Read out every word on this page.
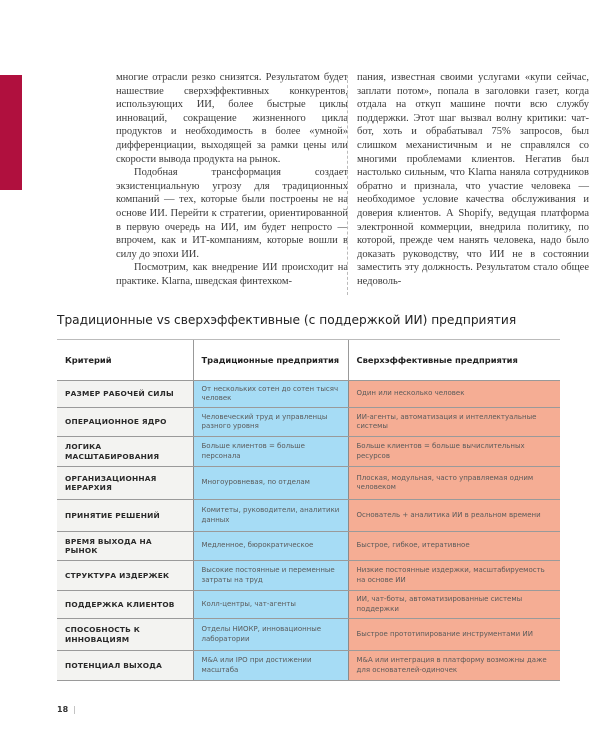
многие отрасли резко снизятся. Результатом будет нашествие сверхэффективных конкурентов, использующих ИИ, более быстрые циклы инноваций, сокращение жизненного цикла продуктов и необходимость в более «умной» дифференциации, выходящей за рамки цены или скорости вывода продукта на рынок.

Подобная трансформация создает экзистенциальную угрозу для традиционных компаний — тех, которые были построены не на основе ИИ. Перейти к стратегии, ориентированной в первую очередь на ИИ, им будет непросто — впрочем, как и ИТ-компаниям, которые вошли в силу до эпохи ИИ.

Посмотрим, как внедрение ИИ происходит на практике. Klarna, шведская финтехком-

пания, известная своими услугами «купи сейчас, заплати потом», попала в заголовки газет, когда отдала на откуп машине почти всю службу поддержки. Этот шаг вызвал волну критики: чат-бот, хоть и обрабатывал 75% запросов, был слишком механистичным и не справлялся со многими проблемами клиентов. Негатив был настолько сильным, что Klarna наняла сотрудников обратно и признала, что участие человека — необходимое условие качества обслуживания и доверия клиентов. А Shopify, ведущая платформа электронной коммерции, внедрила политику, по которой, прежде чем нанять человека, надо было доказать руководству, что ИИ не в состоянии заместить эту должность. Результатом стало общее недоволь-

Традиционные vs сверхэффективные (с поддержкой ИИ) предприятия
Критерий	Традиционные предприятия	Сверхэффективные предприятия
РАЗМЕР РАБОЧЕЙ СИЛЫ	От нескольких сотен до сотен тысяч человек	Один или несколько человек
ОПЕРАЦИОННОЕ ЯДРО	Человеческий труд и управленцы разного уровня	ИИ-агенты, автоматизация и интеллектуальные системы
ЛОГИКА МАСШТАБИРОВАНИЯ	Больше клиентов = больше персонала	Больше клиентов = больше вычислительных ресурсов
ОРГАНИЗАЦИОННАЯ ИЕРАРХИЯ	Многоуровневая, по отделам	Плоская, модульная, часто управляемая одним человеком
ПРИНЯТИЕ РЕШЕНИЙ	Комитеты, руководители, аналитики данных	Основатель + аналитика ИИ в реальном времени
ВРЕМЯ ВЫХОДА НА РЫНОК	Медленное, бюрократическое	Быстрое, гибкое, итеративное
СТРУКТУРА ИЗДЕРЖЕК	Высокие постоянные и переменные затраты на труд	Низкие постоянные издержки, масштабируемость на основе ИИ
ПОДДЕРЖКА КЛИЕНТОВ	Колл-центры, чат-агенты	ИИ, чат-боты, автоматизированные системы поддержки
СПОСОБНОСТЬ К ИННОВАЦИЯМ	Отделы НИОКР, инновационные лаборатории	Быстрое прототипирование инструментами ИИ
ПОТЕНЦИАЛ ВЫХОДА	M&A или IPO при достижении масштаба	M&A или интеграция в платформу возможны даже для основателей-одиночек
18 |
